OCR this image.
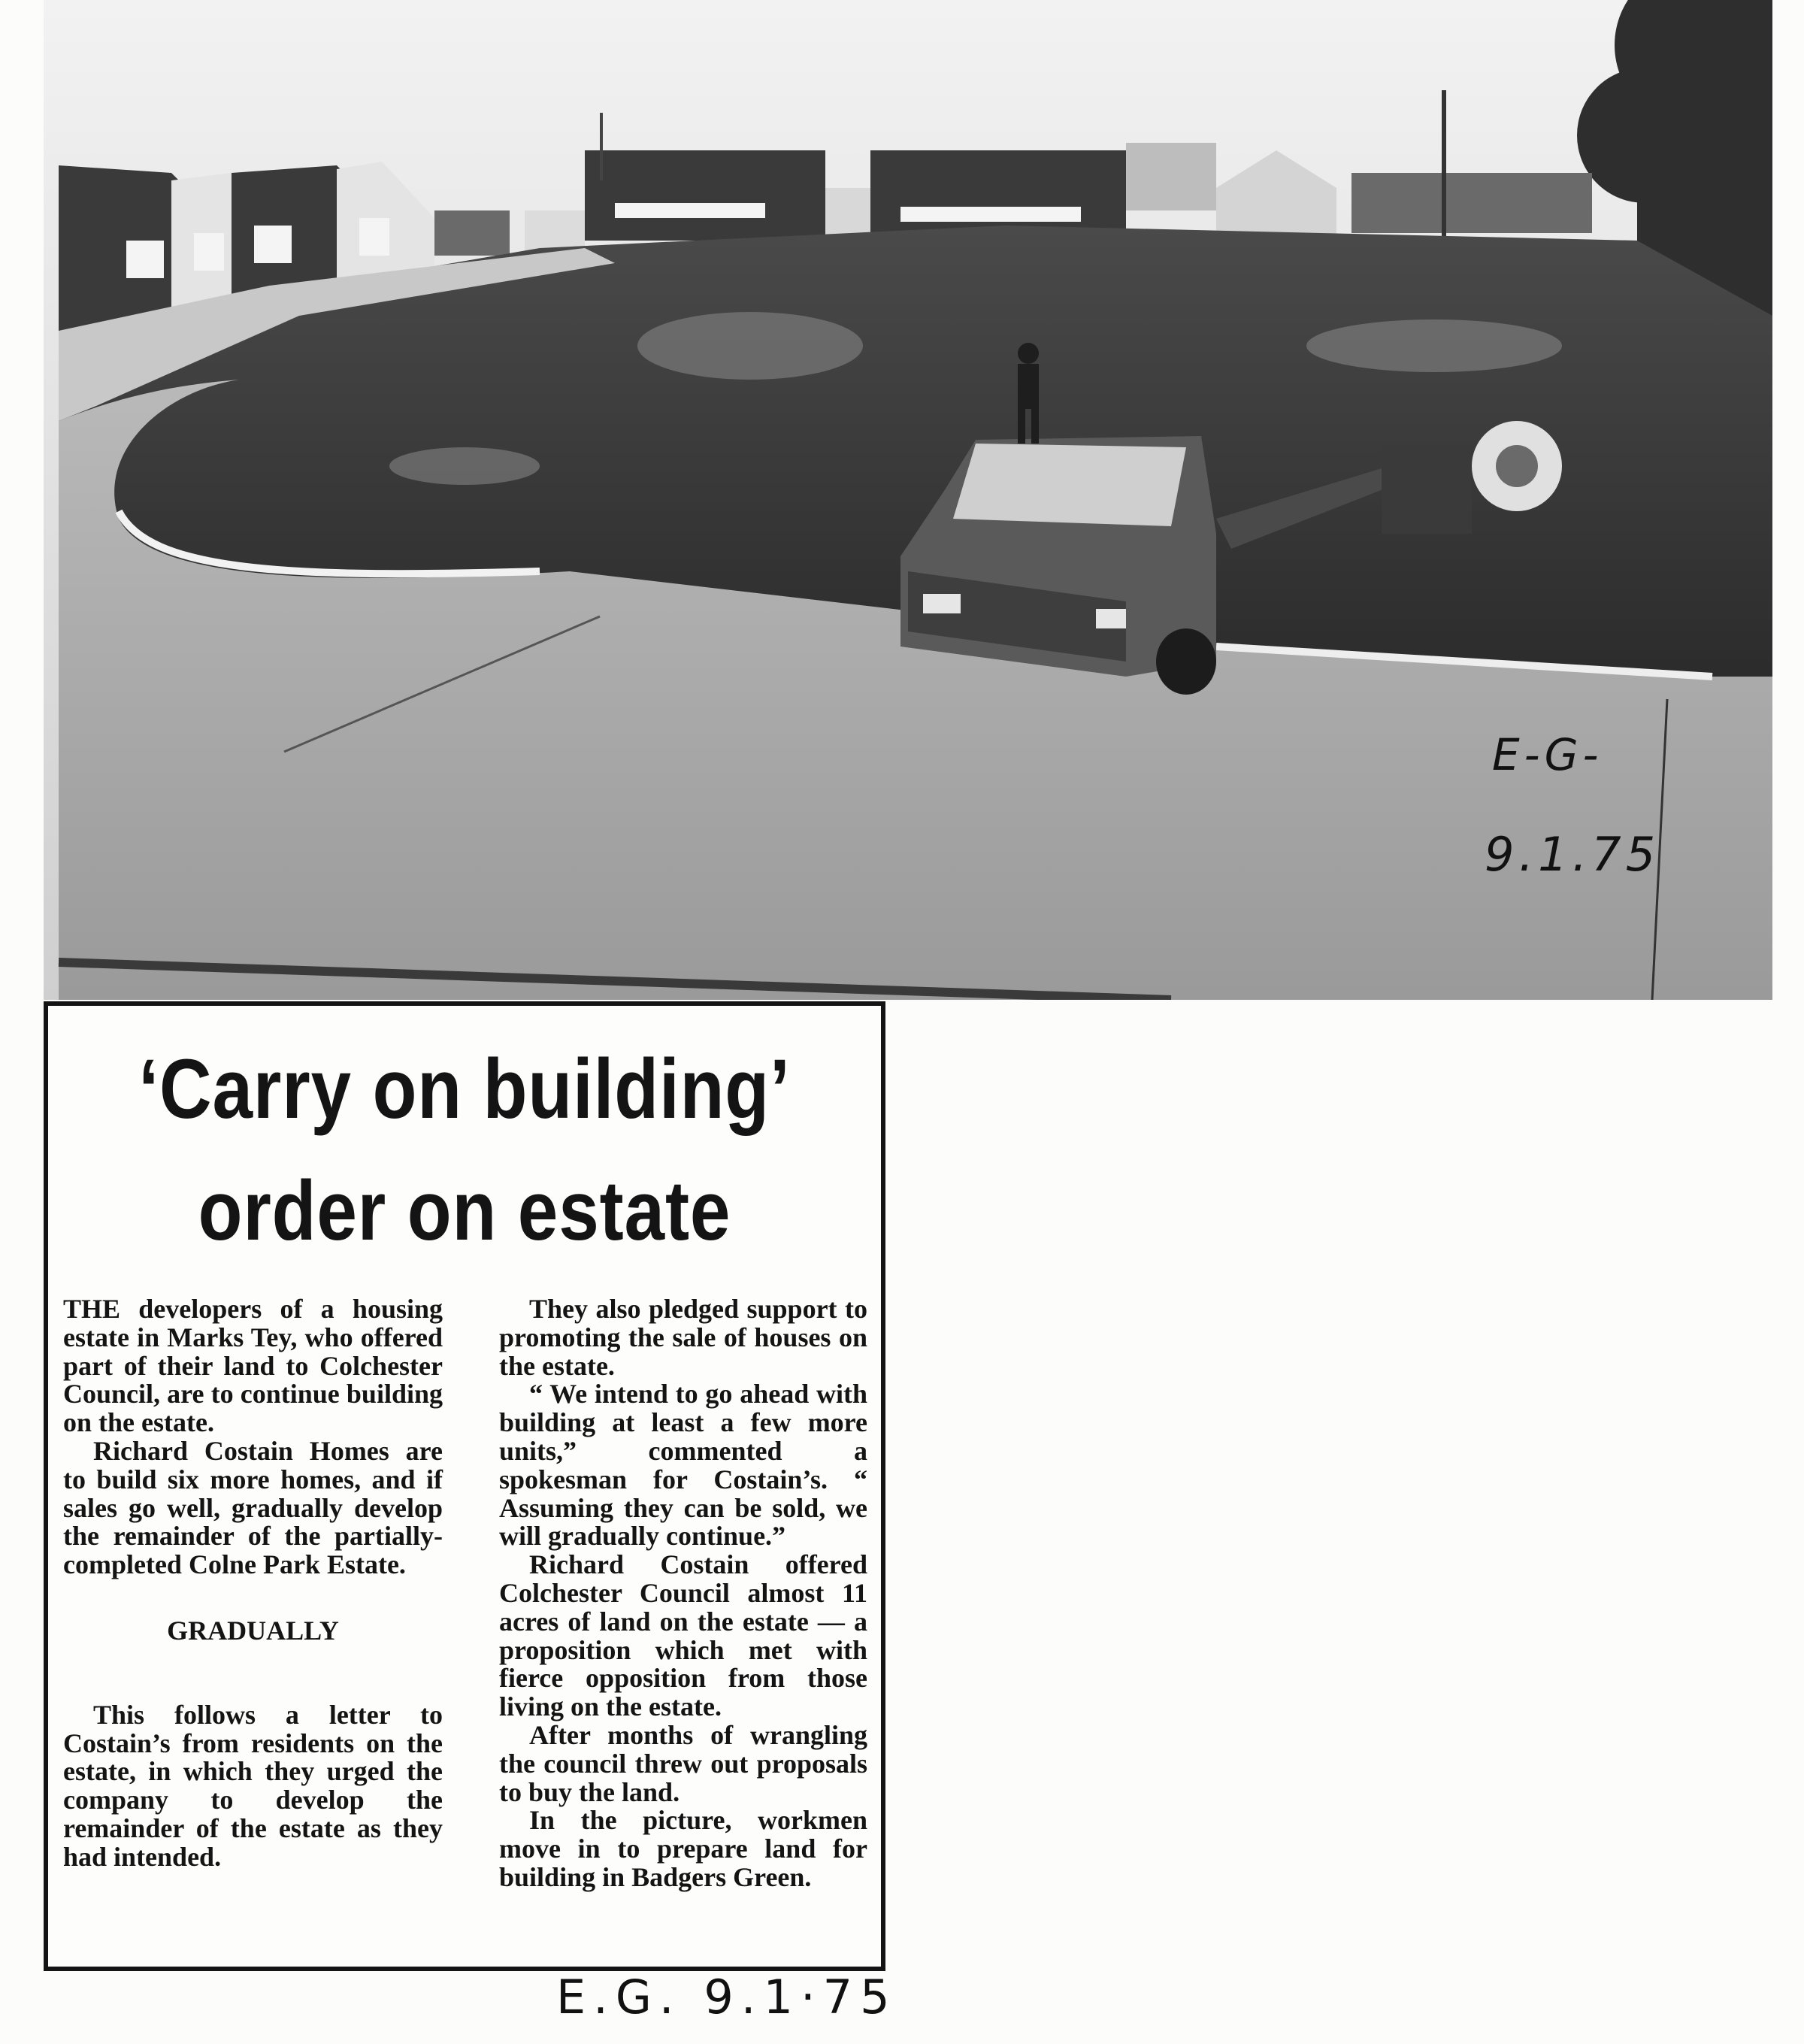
E-G-
9.1.75
‘Carry on building’
order on estate

THE developers of a housing estate in Marks Tey, who offered part of their land to Colchester Council, are to continue building on the estate.

Richard Costain Homes are to build six more homes, and if sales go well, gradually develop the remainder of the partially-completed Colne Park Estate.

GRADUALLY

This follows a letter to Costain’s from residents on the estate, in which they urged the company to develop the remainder of the estate as they had intended.

They also pledged support to promoting the sale of houses on the estate.

“ We intend to go ahead with building at least a few more units,” commented a spokesman for Costain’s. “ Assuming they can be sold, we will gradually continue.”

Richard Costain offered Colchester Council almost 11 acres of land on the estate — a proposition which met with fierce opposition from those living on the estate.

After months of wrangling the council threw out proposals to buy the land.

In the picture, workmen move in to prepare land for building in Badgers Green.

E.G. 9.1·75
